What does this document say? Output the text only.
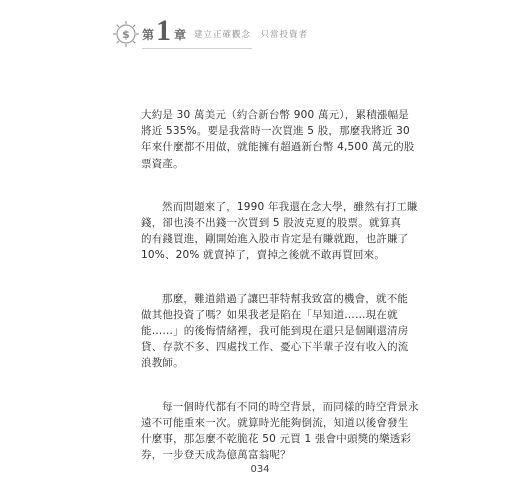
$ 第 1 章 建立正確觀念　只當投資者

大約是 30 萬美元（約合新台幣 900 萬元），累積漲幅是
將近 535%。要是我當時一次買進 5 股，那麼我將近 30
年來什麼都不用做，就能擁有超過新台幣 4,500 萬元的股
票資產。

然而問題來了，1990 年我還在念大學，雖然有打工賺
錢，卻也湊不出錢一次買到 5 股波克夏的股票。就算真
的有錢買進，剛開始進入股市肯定是有賺就跑，也許賺了
10%、20% 就賣掉了，賣掉之後就不敢再買回來。

那麼，難道錯過了讓巴菲特幫我致富的機會，就不能
做其他投資了嗎？如果我老是陷在「早知道……現在就
能……」的後悔情緒裡，我可能到現在還只是個剛還清房
貸、存款不多、四處找工作、憂心下半輩子沒有收入的流
浪教師。

每一個時代都有不同的時空背景，而同樣的時空背景永
遠不可能重來一次。就算時光能夠倒流，知道以後會發生
什麼事，那怎麼不乾脆花 50 元買 1 張會中頭獎的樂透彩
券，一步登天成為億萬富翁呢？

034
